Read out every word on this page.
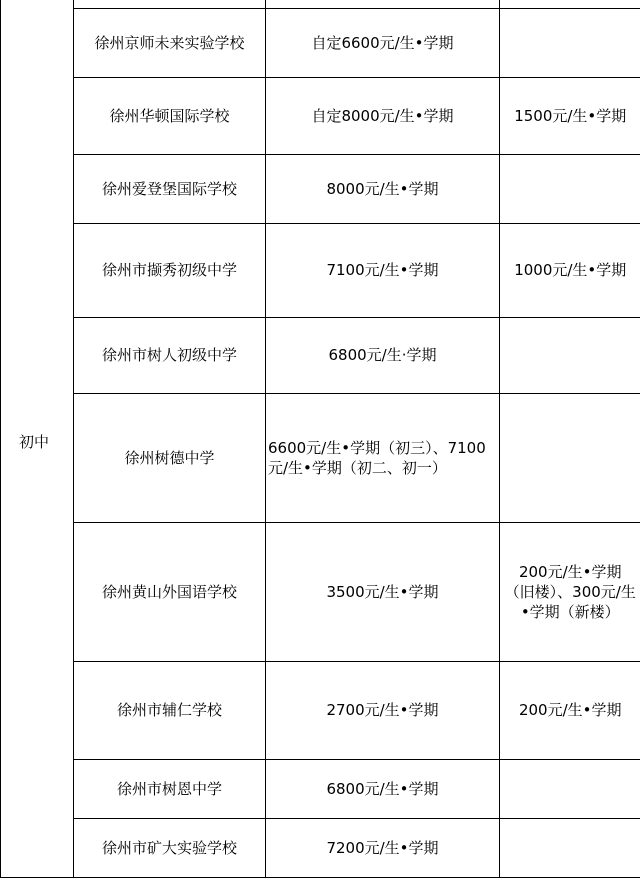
初中	徐州京师未来实验学校	自定6600元/生•学期	
	徐州华顿国际学校	自定8000元/生•学期	1500元/生•学期
	徐州爱登堡国际学校	8000元/生•学期	
	徐州市撷秀初级中学	7100元/生•学期	1000元/生•学期
	徐州市树人初级中学	6800元/生·学期	
	徐州树德中学	6600元/生•学期（初三）、7100元/生•学期（初二、初一）	
	徐州黄山外国语学校	3500元/生•学期	200元/生•学期（旧楼）、300元/生•学期（新楼）
	徐州市辅仁学校	2700元/生•学期	200元/生•学期
	徐州市树恩中学	6800元/生•学期	
	徐州市矿大实验学校	7200元/生•学期	
